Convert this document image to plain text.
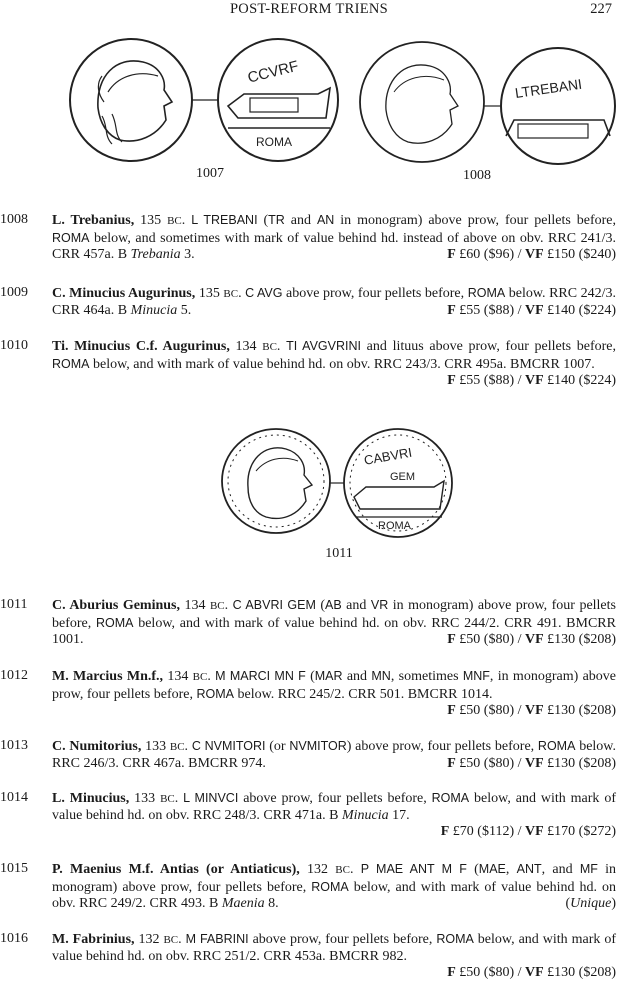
POST-REFORM TRIENS	227
CCVRF
ROMA
1007
LTREBANI
1008
1008 L. Trebanius, 135 BC. L TREBANI (TR and AN in monogram) above prow, four pellets before, ROMA below, and sometimes with mark of value behind hd. instead of above on obv. RRC 241/3. CRR 457a. B Trebania 3.	F £60 ($96) / VF £150 ($240)
1009 C. Minucius Augurinus, 135 BC. C AVG above prow, four pellets before, ROMA below. RRC 242/3. CRR 464a. B Minucia 5.	F £55 ($88) / VF £140 ($224)
1010 Ti. Minucius C.f. Augurinus, 134 BC. TI AVGVRINI and lituus above prow, four pellets before, ROMA below, and with mark of value behind hd. on obv. RRC 243/3. CRR 495a. BMCRR 1007.
F £55 ($88) / VF £140 ($224)
CABVRI
GEM
ROMA
1011
1011 C. Aburius Geminus, 134 BC. C ABVRI GEM (AB and VR in monogram) above prow, four pellets before, ROMA below, and with mark of value behind hd. on obv. RRC 244/2. CRR 491. BMCRR 1001.	F £50 ($80) / VF £130 ($208)
1012 M. Marcius Mn.f., 134 BC. M MARCI MN F (MAR and MN, sometimes MNF, in monogram) above prow, four pellets before, ROMA below. RRC 245/2. CRR 501. BMCRR 1014.
F £50 ($80) / VF £130 ($208)
1013 C. Numitorius, 133 BC. C NVMITORI (or NVMITOR) above prow, four pellets before, ROMA below. RRC 246/3. CRR 467a. BMCRR 974.	F £50 ($80) / VF £130 ($208)
1014 L. Minucius, 133 BC. L MINVCI above prow, four pellets before, ROMA below, and with mark of value behind hd. on obv. RRC 248/3. CRR 471a. B Minucia 17.
F £70 ($112) / VF £170 ($272)
1015 P. Maenius M.f. Antias (or Antiaticus), 132 BC. P MAE ANT M F (MAE, ANT, and MF in monogram) above prow, four pellets before, ROMA below, and with mark of value behind hd. on obv. RRC 249/2. CRR 493. B Maenia 8.	(Unique)
1016 M. Fabrinius, 132 BC. M FABRINI above prow, four pellets before, ROMA below, and with mark of value behind hd. on obv. RRC 251/2. CRR 453a. BMCRR 982.
F £50 ($80) / VF £130 ($208)
